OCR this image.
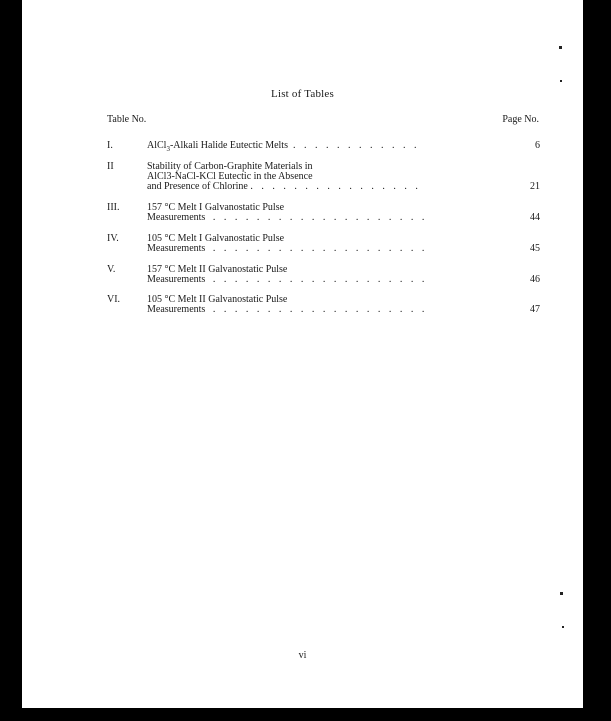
List of Tables
Table No.	Page No.
I.	AlCl$_3$-Alkali Halide Eutectic Melts . . . . . . . . . . . .	6
II	Stability of Carbon-Graphite Materials in
AlCl3-NaCl-KCl Eutectic in the Absence
and Presence of Chlorine . . . . . . . . . . . . . . . .	21
III.	157 °C Melt I Galvanostatic Pulse
Measurements . . . . . . . . . . . . . . . . . . . .	44
IV.	105 °C Melt I Galvanostatic Pulse
Measurements . . . . . . . . . . . . . . . . . . . .	45
V.	157 °C Melt II Galvanostatic Pulse
Measurements . . . . . . . . . . . . . . . . . . . .	46
VI.	105 °C Melt II Galvanostatic Pulse
Measurements . . . . . . . . . . . . . . . . . . . .	47
vi
